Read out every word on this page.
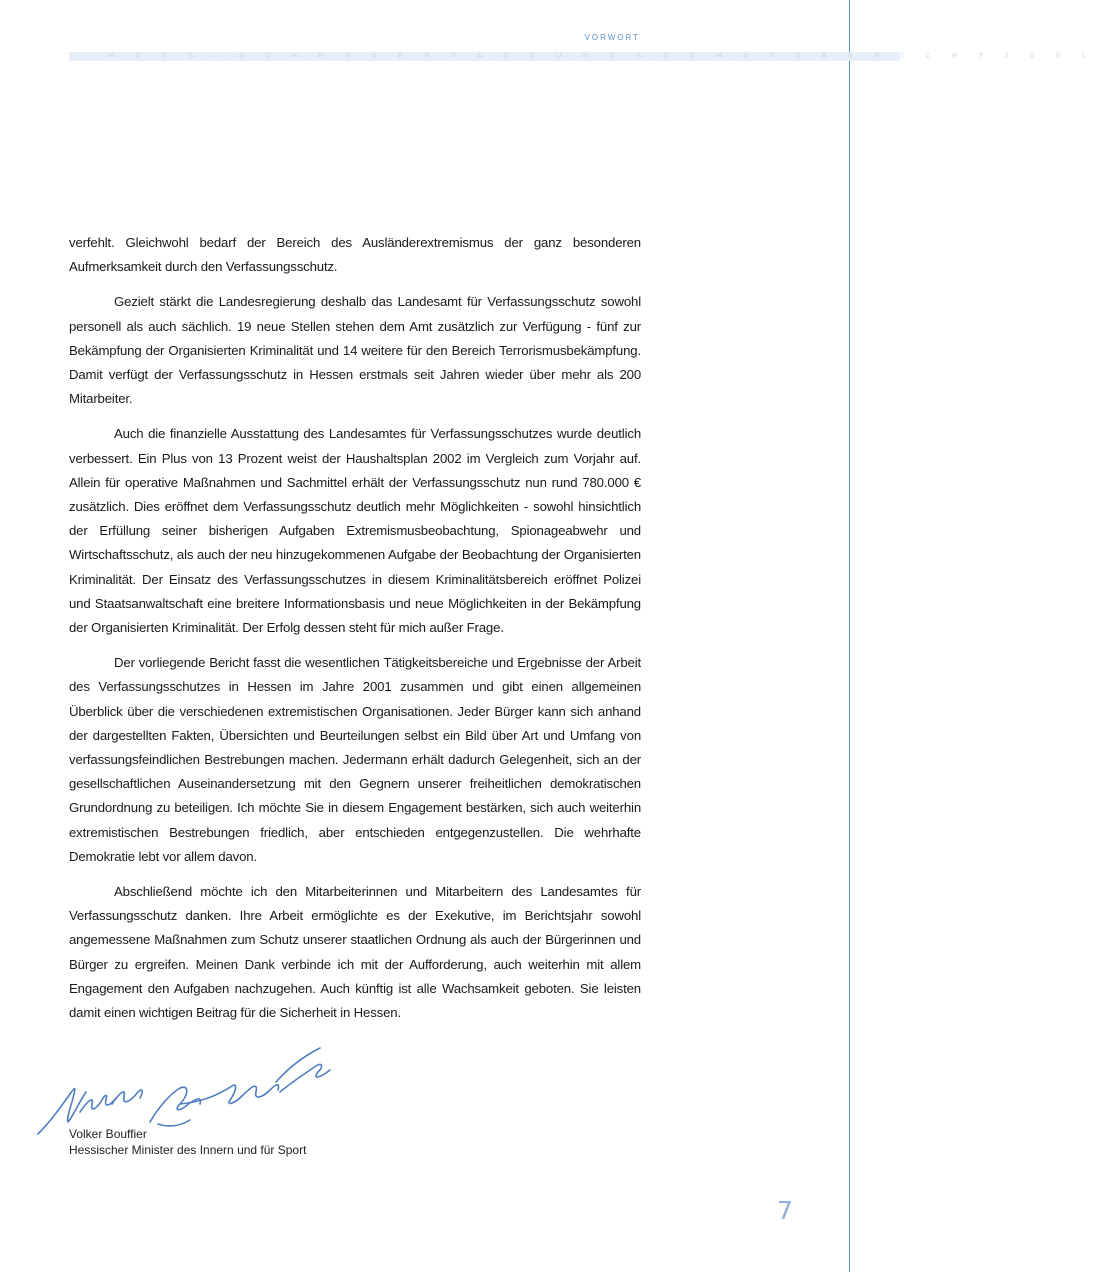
VORWORT
H E S S I S C H E R V E R F A S S U N G S S C H U T Z B E R I C H T 2 0 0 1

verfehlt. Gleichwohl bedarf der Bereich des Ausländerextremismus der ganz besonderen Aufmerksamkeit durch den Verfassungsschutz.

Gezielt stärkt die Landesregierung deshalb das Landesamt für Verfassungsschutz sowohl personell als auch sächlich. 19 neue Stellen stehen dem Amt zusätzlich zur Verfügung - fünf zur Bekämpfung der Organisierten Kriminalität und 14 weitere für den Bereich Terrorismusbekämpfung. Damit verfügt der Verfassungsschutz in Hessen erstmals seit Jahren wieder über mehr als 200 Mitarbeiter.

Auch die finanzielle Ausstattung des Landesamtes für Verfassungsschutzes wurde deutlich verbessert. Ein Plus von 13 Prozent weist der Haushaltsplan 2002 im Vergleich zum Vorjahr auf. Allein für operative Maßnahmen und Sachmittel erhält der Verfassungsschutz nun rund 780.000 € zusätzlich. Dies eröffnet dem Verfassungsschutz deutlich mehr Möglichkeiten - sowohl hinsichtlich der Erfüllung seiner bisherigen Aufgaben Extremismusbeobachtung, Spionageabwehr und Wirtschaftsschutz, als auch der neu hinzugekommenen Aufgabe der Beobachtung der Organisierten Kriminalität. Der Einsatz des Verfassungsschutzes in diesem Kriminalitätsbereich eröffnet Polizei und Staatsanwaltschaft eine breitere Informationsbasis und neue Möglichkeiten in der Bekämpfung der Organisierten Kriminalität. Der Erfolg dessen steht für mich außer Frage.

Der vorliegende Bericht fasst die wesentlichen Tätigkeitsbereiche und Ergebnisse der Arbeit des Verfassungsschutzes in Hessen im Jahre 2001 zusammen und gibt einen allgemeinen Überblick über die verschiedenen extremistischen Organisationen. Jeder Bürger kann sich anhand der dargestellten Fakten, Übersichten und Beurteilungen selbst ein Bild über Art und Umfang von verfassungsfeindlichen Bestrebungen machen. Jedermann erhält dadurch Gelegenheit, sich an der gesellschaftlichen Auseinandersetzung mit den Gegnern unserer freiheitlichen demokratischen Grundordnung zu beteiligen. Ich möchte Sie in diesem Engagement bestärken, sich auch weiterhin extremistischen Bestrebungen friedlich, aber entschieden entgegenzustellen. Die wehrhafte Demokratie lebt vor allem davon.

Abschließend möchte ich den Mitarbeiterinnen und Mitarbeitern des Landesamtes für Verfassungsschutz danken. Ihre Arbeit ermöglichte es der Exekutive, im Berichtsjahr sowohl angemessene Maßnahmen zum Schutz unserer staatlichen Ordnung als auch der Bürgerinnen und Bürger zu ergreifen. Meinen Dank verbinde ich mit der Aufforderung, auch weiterhin mit allem Engagement den Aufgaben nachzugehen. Auch künftig ist alle Wachsamkeit geboten. Sie leisten damit einen wichtigen Beitrag für die Sicherheit in Hessen.

Volker Bouffier
Hessischer Minister des Innern und für Sport
7
